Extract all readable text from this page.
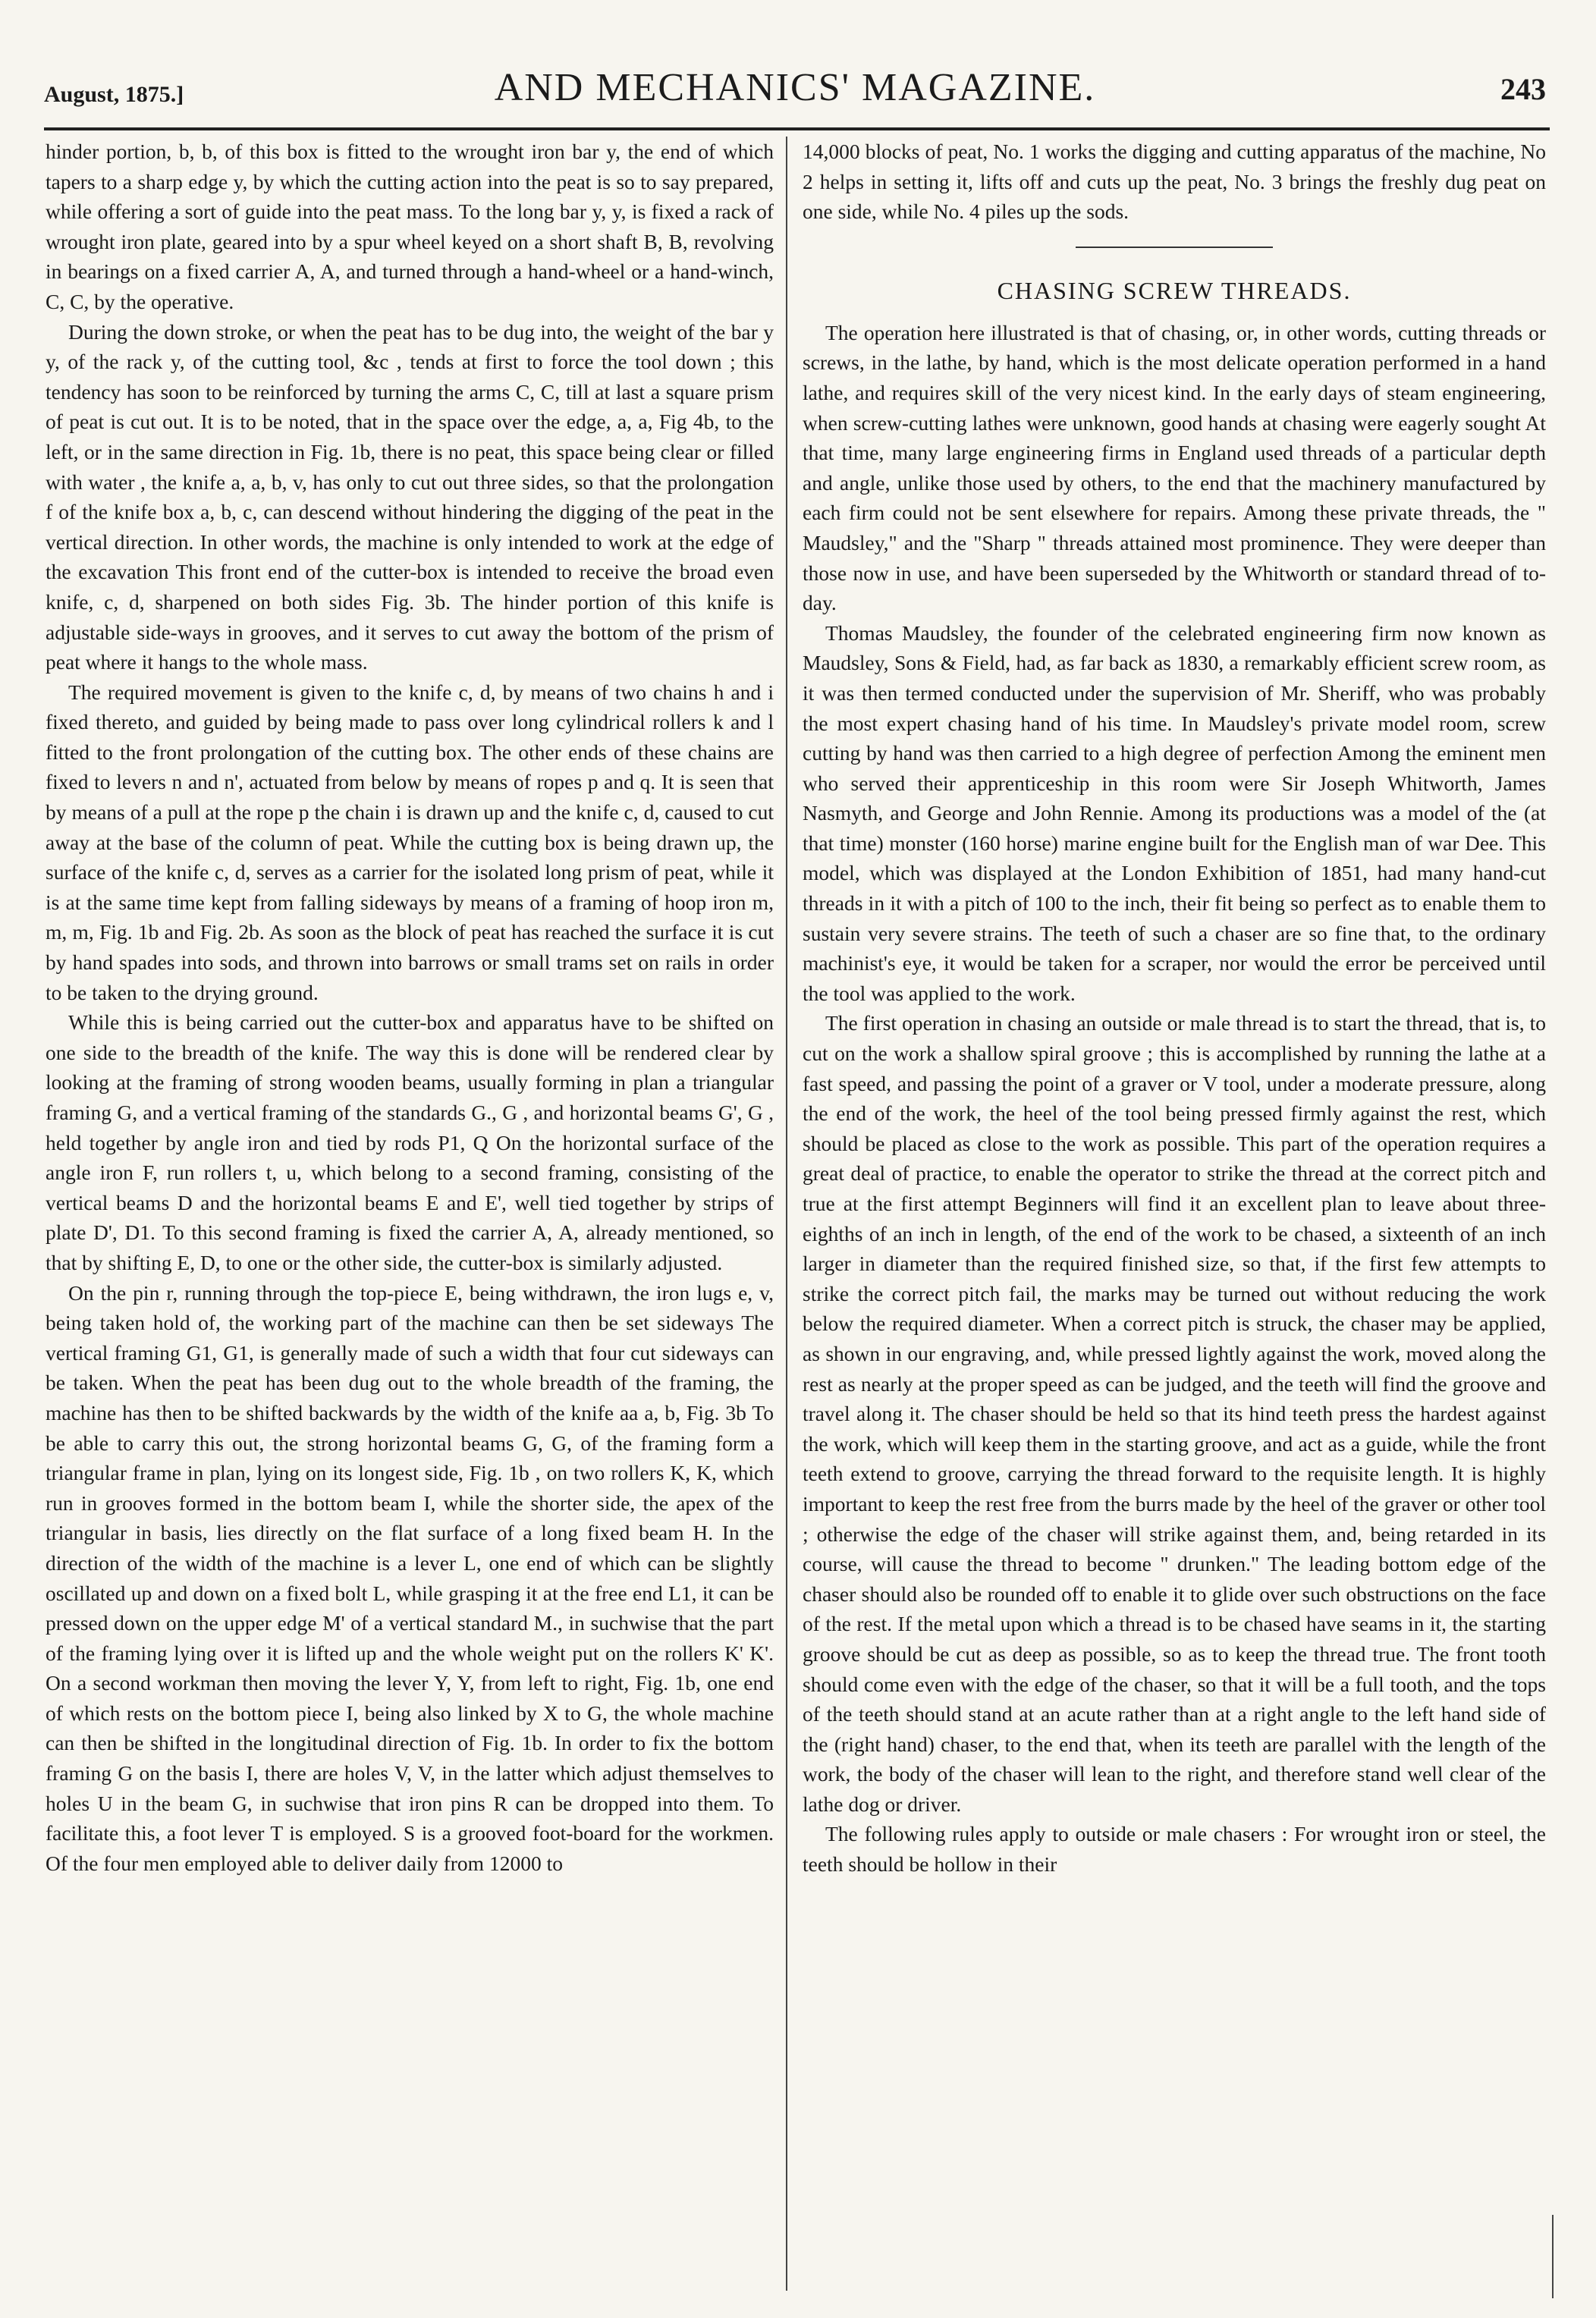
August, 1875.]	AND MECHANICS' MAGAZINE.	243

hinder portion, b, b, of this box is fitted to the wrought iron bar y, the end of which tapers to a sharp edge y, by which the cutting action into the peat is so to say prepared, while offering a sort of guide into the peat mass. To the long bar y, y, is fixed a rack of wrought iron plate, geared into by a spur wheel keyed on a short shaft B, B, revolving in bearings on a fixed carrier A, A, and turned through a hand-wheel or a hand-winch, C, C, by the operative.

During the down stroke, or when the peat has to be dug into, the weight of the bar y y, of the rack y, of the cutting tool, &c , tends at first to force the tool down ; this tendency has soon to be reinforced by turning the arms C, C, till at last a square prism of peat is cut out. It is to be noted, that in the space over the edge, a, a, Fig 4b, to the left, or in the same direction in Fig. 1b, there is no peat, this space being clear or filled with water , the knife a, a, b, v, has only to cut out three sides, so that the prolongation f of the knife box a, b, c, can descend without hindering the digging of the peat in the vertical direction. In other words, the machine is only intended to work at the edge of the excavation This front end of the cutter-box is intended to receive the broad even knife, c, d, sharpened on both sides Fig. 3b. The hinder portion of this knife is adjustable side-ways in grooves, and it serves to cut away the bottom of the prism of peat where it hangs to the whole mass.

The required movement is given to the knife c, d, by means of two chains h and i fixed thereto, and guided by being made to pass over long cylindrical rollers k and l fitted to the front prolongation of the cutting box. The other ends of these chains are fixed to levers n and n', actuated from below by means of ropes p and q. It is seen that by means of a pull at the rope p the chain i is drawn up and the knife c, d, caused to cut away at the base of the column of peat. While the cutting box is being drawn up, the surface of the knife c, d, serves as a carrier for the isolated long prism of peat, while it is at the same time kept from falling sideways by means of a framing of hoop iron m, m, m, Fig. 1b and Fig. 2b. As soon as the block of peat has reached the surface it is cut by hand spades into sods, and thrown into barrows or small trams set on rails in order to be taken to the drying ground.

While this is being carried out the cutter-box and apparatus have to be shifted on one side to the breadth of the knife. The way this is done will be rendered clear by looking at the framing of strong wooden beams, usually forming in plan a triangular framing G, and a vertical framing of the standards G., G , and horizontal beams G', G , held together by angle iron and tied by rods P1, Q On the horizontal surface of the angle iron F, run rollers t, u, which belong to a second framing, consisting of the vertical beams D and the horizontal beams E and E', well tied together by strips of plate D', D1. To this second framing is fixed the carrier A, A, already mentioned, so that by shifting E, D, to one or the other side, the cutter-box is similarly adjusted.

On the pin r, running through the top-piece E, being withdrawn, the iron lugs e, v, being taken hold of, the working part of the machine can then be set sideways The vertical framing G1, G1, is generally made of such a width that four cut sideways can be taken. When the peat has been dug out to the whole breadth of the framing, the machine has then to be shifted backwards by the width of the knife aa a, b, Fig. 3b To be able to carry this out, the strong horizontal beams G, G, of the framing form a triangular frame in plan, lying on its longest side, Fig. 1b , on two rollers K, K, which run in grooves formed in the bottom beam I, while the shorter side, the apex of the triangular in basis, lies directly on the flat surface of a long fixed beam H. In the direction of the width of the machine is a lever L, one end of which can be slightly oscillated up and down on a fixed bolt L, while grasping it at the free end L1, it can be pressed down on the upper edge M' of a vertical standard M., in suchwise that the part of the framing lying over it is lifted up and the whole weight put on the rollers K' K'. On a second workman then moving the lever Y, Y, from left to right, Fig. 1b, one end of which rests on the bottom piece I, being also linked by X to G, the whole machine can then be shifted in the longitudinal direction of Fig. 1b. In order to fix the bottom framing G on the basis I, there are holes V, V, in the latter which adjust themselves to holes U in the beam G, in suchwise that iron pins R can be dropped into them. To facilitate this, a foot lever T is employed. S is a grooved foot-board for the workmen. Of the four men employed able to deliver daily from 12000 to

14,000 blocks of peat, No. 1 works the digging and cutting apparatus of the machine, No 2 helps in setting it, lifts off and cuts up the peat, No. 3 brings the freshly dug peat on one side, while No. 4 piles up the sods.

CHASING SCREW THREADS.

The operation here illustrated is that of chasing, or, in other words, cutting threads or screws, in the lathe, by hand, which is the most delicate operation performed in a hand lathe, and requires skill of the very nicest kind. In the early days of steam engineering, when screw-cutting lathes were unknown, good hands at chasing were eagerly sought At that time, many large engineering firms in England used threads of a particular depth and angle, unlike those used by others, to the end that the machinery manufactured by each firm could not be sent elsewhere for repairs. Among these private threads, the " Maudsley," and the "Sharp " threads attained most prominence. They were deeper than those now in use, and have been superseded by the Whitworth or standard thread of to-day.

Thomas Maudsley, the founder of the celebrated engineering firm now known as Maudsley, Sons & Field, had, as far back as 1830, a remarkably efficient screw room, as it was then termed conducted under the supervision of Mr. Sheriff, who was probably the most expert chasing hand of his time. In Maudsley's private model room, screw cutting by hand was then carried to a high degree of perfection Among the eminent men who served their apprenticeship in this room were Sir Joseph Whitworth, James Nasmyth, and George and John Rennie. Among its productions was a model of the (at that time) monster (160 horse) marine engine built for the English man of war Dee. This model, which was displayed at the London Exhibition of 1851, had many hand-cut threads in it with a pitch of 100 to the inch, their fit being so perfect as to enable them to sustain very severe strains. The teeth of such a chaser are so fine that, to the ordinary machinist's eye, it would be taken for a scraper, nor would the error be perceived until the tool was applied to the work.

The first operation in chasing an outside or male thread is to start the thread, that is, to cut on the work a shallow spiral groove ; this is accomplished by running the lathe at a fast speed, and passing the point of a graver or V tool, under a moderate pressure, along the end of the work, the heel of the tool being pressed firmly against the rest, which should be placed as close to the work as possible. This part of the operation requires a great deal of practice, to enable the operator to strike the thread at the correct pitch and true at the first attempt Beginners will find it an excellent plan to leave about three-eighths of an inch in length, of the end of the work to be chased, a sixteenth of an inch larger in diameter than the required finished size, so that, if the first few attempts to strike the correct pitch fail, the marks may be turned out without reducing the work below the required diameter. When a correct pitch is struck, the chaser may be applied, as shown in our engraving, and, while pressed lightly against the work, moved along the rest as nearly at the proper speed as can be judged, and the teeth will find the groove and travel along it. The chaser should be held so that its hind teeth press the hardest against the work, which will keep them in the starting groove, and act as a guide, while the front teeth extend to groove, carrying the thread forward to the requisite length. It is highly important to keep the rest free from the burrs made by the heel of the graver or other tool ; otherwise the edge of the chaser will strike against them, and, being retarded in its course, will cause the thread to become " drunken." The leading bottom edge of the chaser should also be rounded off to enable it to glide over such obstructions on the face of the rest. If the metal upon which a thread is to be chased have seams in it, the starting groove should be cut as deep as possible, so as to keep the thread true. The front tooth should come even with the edge of the chaser, so that it will be a full tooth, and the tops of the teeth should stand at an acute rather than at a right angle to the left hand side of the (right hand) chaser, to the end that, when its teeth are parallel with the length of the work, the body of the chaser will lean to the right, and therefore stand well clear of the lathe dog or driver.

The following rules apply to outside or male chasers : For wrought iron or steel, the teeth should be hollow in their
